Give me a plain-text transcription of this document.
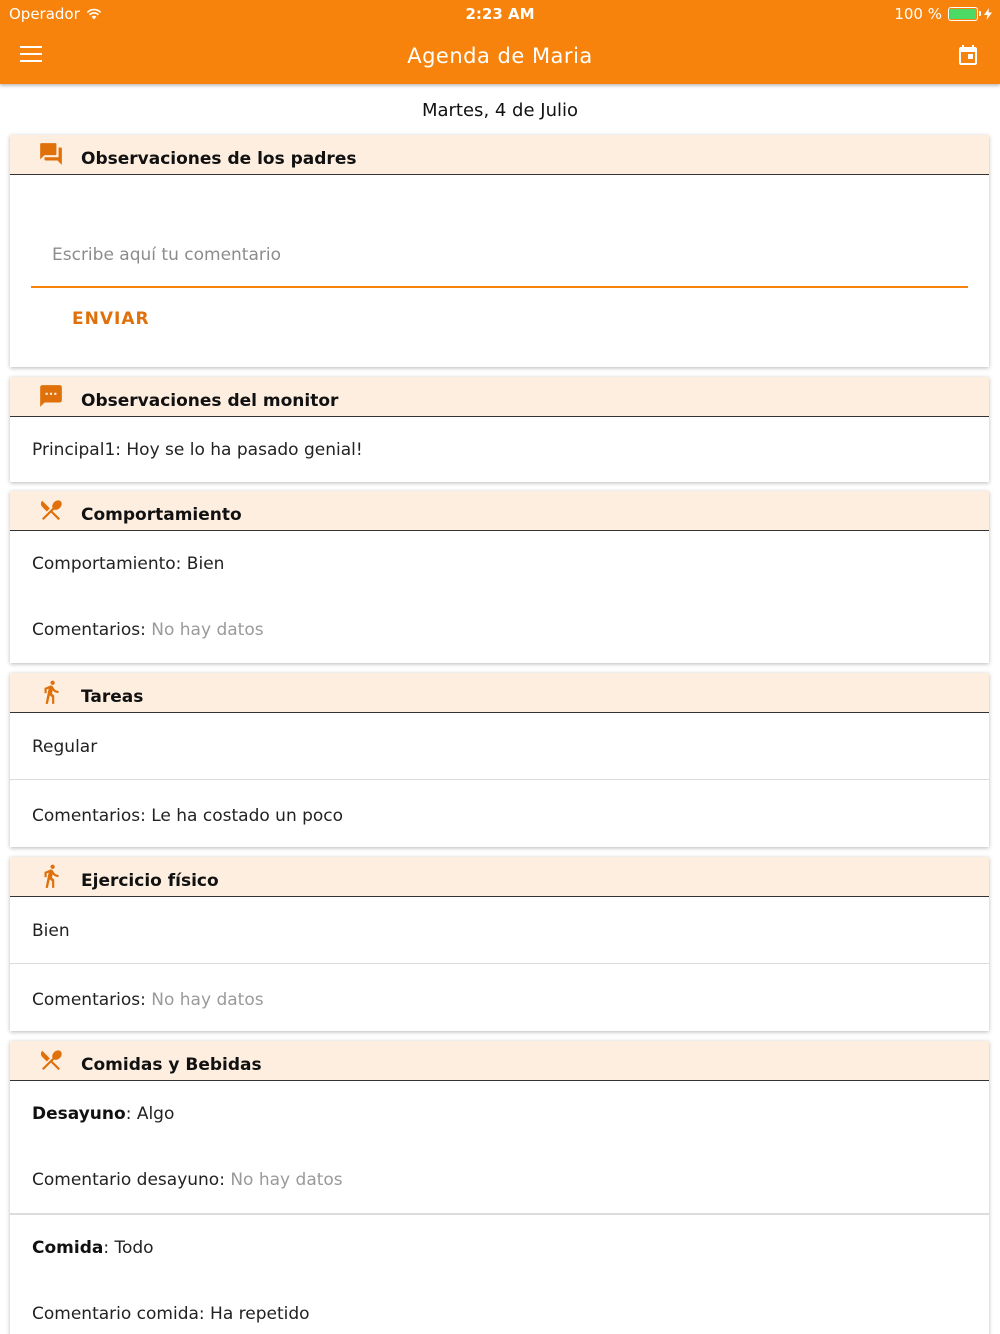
Operador	2:23 AM	100 %
Agenda de Maria
Martes, 4 de Julio
Observaciones de los padres
Escribe aquí tu comentario
ENVIAR
Observaciones del monitor
Principal1: Hoy se lo ha pasado genial!
Comportamiento
Comportamiento: Bien
Comentarios: No hay datos
Tareas
Regular
Comentarios: Le ha costado un poco
Ejercicio físico
Bien
Comentarios: No hay datos
Comidas y Bebidas
Desayuno: Algo
Comentario desayuno: No hay datos
Comida: Todo
Comentario comida: Ha repetido
